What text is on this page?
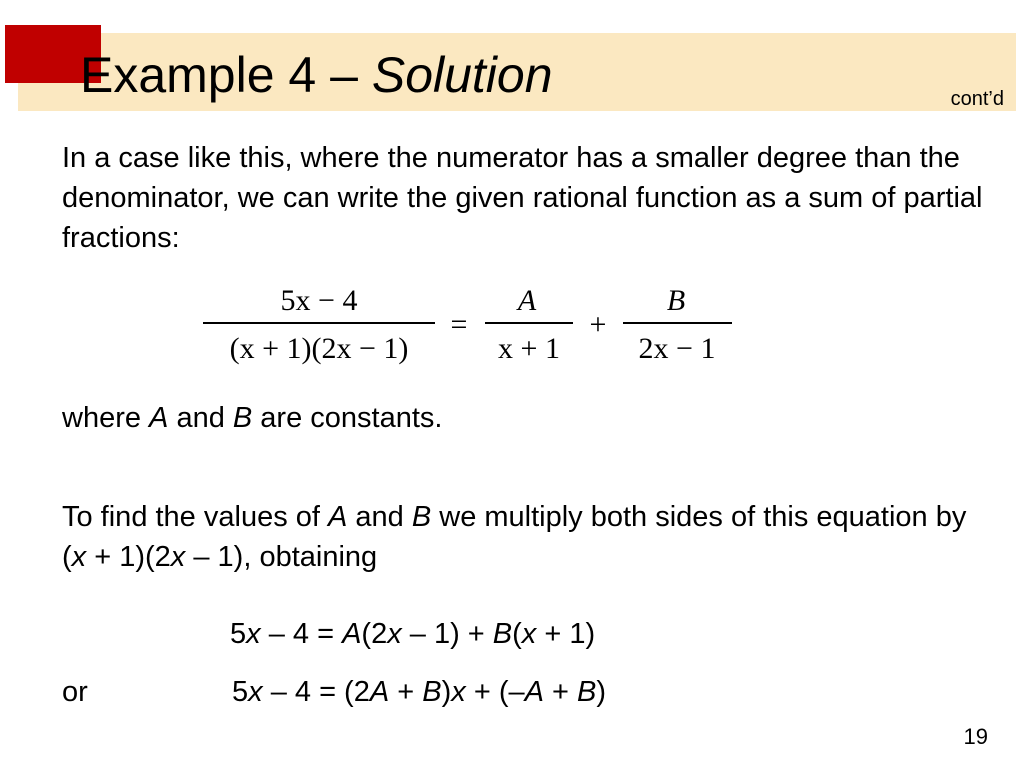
Example 4 – Solution	cont’d

In a case like this, where the numerator has a smaller degree than the denominator, we can write the given rational function as a sum of partial fractions:

5x − 4
(x + 1)(2x − 1)
=
A
x + 1
+
B
2x − 1

where A and B are constants.

To find the values of A and B we multiply both sides of this equation by (x + 1)(2x – 1), obtaining

5x – 4 = A(2x – 1) + B(x + 1)
or	5x – 4 = (2A + B)x + (–A + B)
19
